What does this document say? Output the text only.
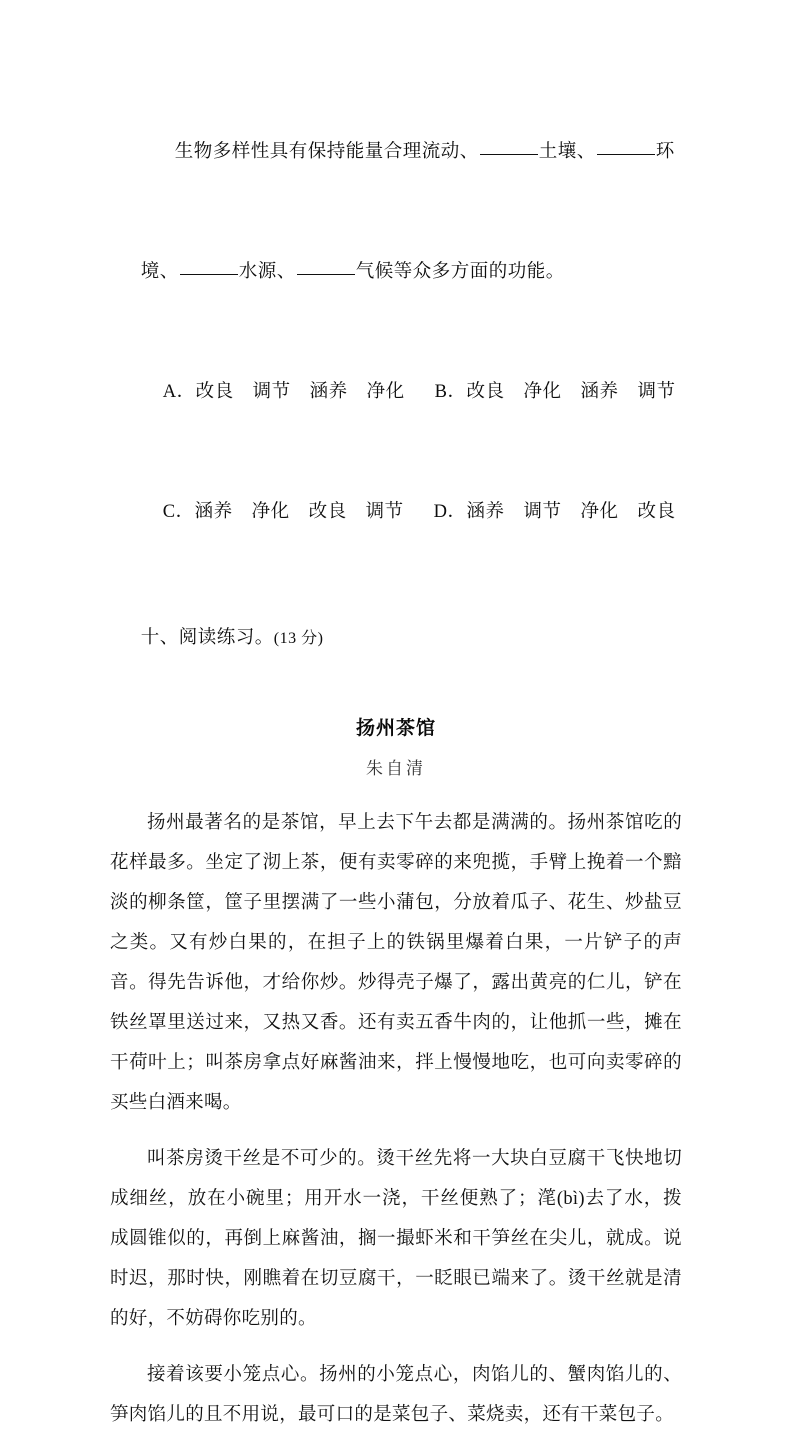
生物多样性具有保持能量合理流动、	土壤、	环

境、	水源、	气候等众多方面的功能。

A．改良　调节　涵养　净化 B．改良　净化　涵养　调节

C．涵养　净化　改良　调节 D．涵养　调节　净化　改良

十、阅读练习。(13 分)

扬州茶馆
朱自清

扬州最著名的是茶馆，早上去下午去都是满满的。扬州茶馆吃的花样最多。坐定了沏上茶，便有卖零碎的来兜揽，手臂上挽着一个黯淡的柳条筐，筐子里摆满了一些小蒲包，分放着瓜子、花生、炒盐豆之类。又有炒白果的，在担子上的铁锅里爆着白果，一片铲子的声音。得先告诉他，才给你炒。炒得壳子爆了，露出黄亮的仁儿，铲在铁丝罩里送过来，又热又香。还有卖五香牛肉的，让他抓一些，摊在干荷叶上；叫茶房拿点好麻酱油来，拌上慢慢地吃，也可向卖零碎的买些白酒来喝。

叫茶房烫干丝是不可少的。烫干丝先将一大块白豆腐干飞快地切成细丝，放在小碗里；用开水一浇，干丝便熟了；滗(bì)去了水，拨成圆锥似的，再倒上麻酱油，搁一撮虾米和干笋丝在尖儿，就成。说时迟，那时快，刚瞧着在切豆腐干，一眨眼已端来了。烫干丝就是清的好，不妨碍你吃别的。

接着该要小笼点心。扬州的小笼点心，肉馅儿的、蟹肉馅儿的、笋肉馅儿的且不用说，最可口的是菜包子、菜烧卖，还有干菜包子。
